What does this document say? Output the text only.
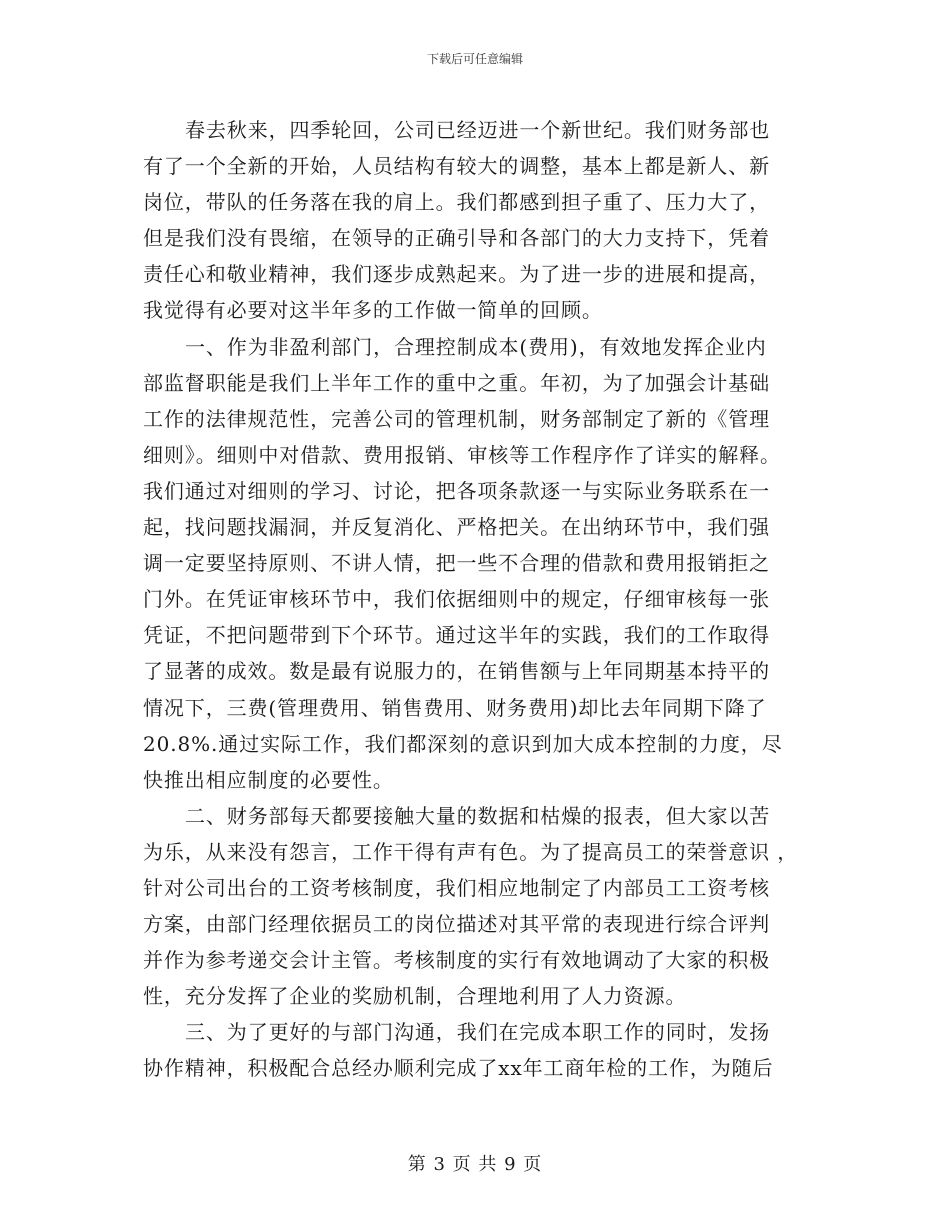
下载后可任意编辑
春去秋来，四季轮回，公司已经迈进一个新世纪。我们财务部也
有了一个全新的开始，人员结构有较大的调整，基本上都是新人、新
岗位，带队的任务落在我的肩上。我们都感到担子重了、压力大了，
但是我们没有畏缩，在领导的正确引导和各部门的大力支持下，凭着
责任心和敬业精神，我们逐步成熟起来。为了进一步的进展和提高，
我觉得有必要对这半年多的工作做一简单的回顾。
一、作为非盈利部门，合理控制成本(费用)，有效地发挥企业内
部监督职能是我们上半年工作的重中之重。年初，为了加强会计基础
工作的法律规范性，完善公司的管理机制，财务部制定了新的《管理
细则》。细则中对借款、费用报销、审核等工作程序作了详实的解释。
我们通过对细则的学习、讨论，把各项条款逐一与实际业务联系在一
起，找问题找漏洞，并反复消化、严格把关。在出纳环节中，我们强
调一定要坚持原则、不讲人情，把一些不合理的借款和费用报销拒之
门外。在凭证审核环节中，我们依据细则中的规定，仔细审核每一张
凭证，不把问题带到下个环节。通过这半年的实践，我们的工作取得
了显著的成效。数是最有说服力的，在销售额与上年同期基本持平的
情况下，三费(管理费用、销售费用、财务费用)却比去年同期下降了
20.8%.通过实际工作，我们都深刻的意识到加大成本控制的力度，尽
快推出相应制度的必要性。
二、财务部每天都要接触大量的数据和枯燥的报表，但大家以苦
为乐，从来没有怨言，工作干得有声有色。为了提高员工的荣誉意识 ，
针对公司出台的工资考核制度，我们相应地制定了内部员工工资考核
方案，由部门经理依据员工的岗位描述对其平常的表现进行综合评判
并作为参考递交会计主管。考核制度的实行有效地调动了大家的积极
性，充分发挥了企业的奖励机制，合理地利用了人力资源。
三、为了更好的与部门沟通，我们在完成本职工作的同时，发扬
协作精神，积极配合总经办顺利完成了xx年工商年检的工作，为随后
第 3 页 共 9 页
